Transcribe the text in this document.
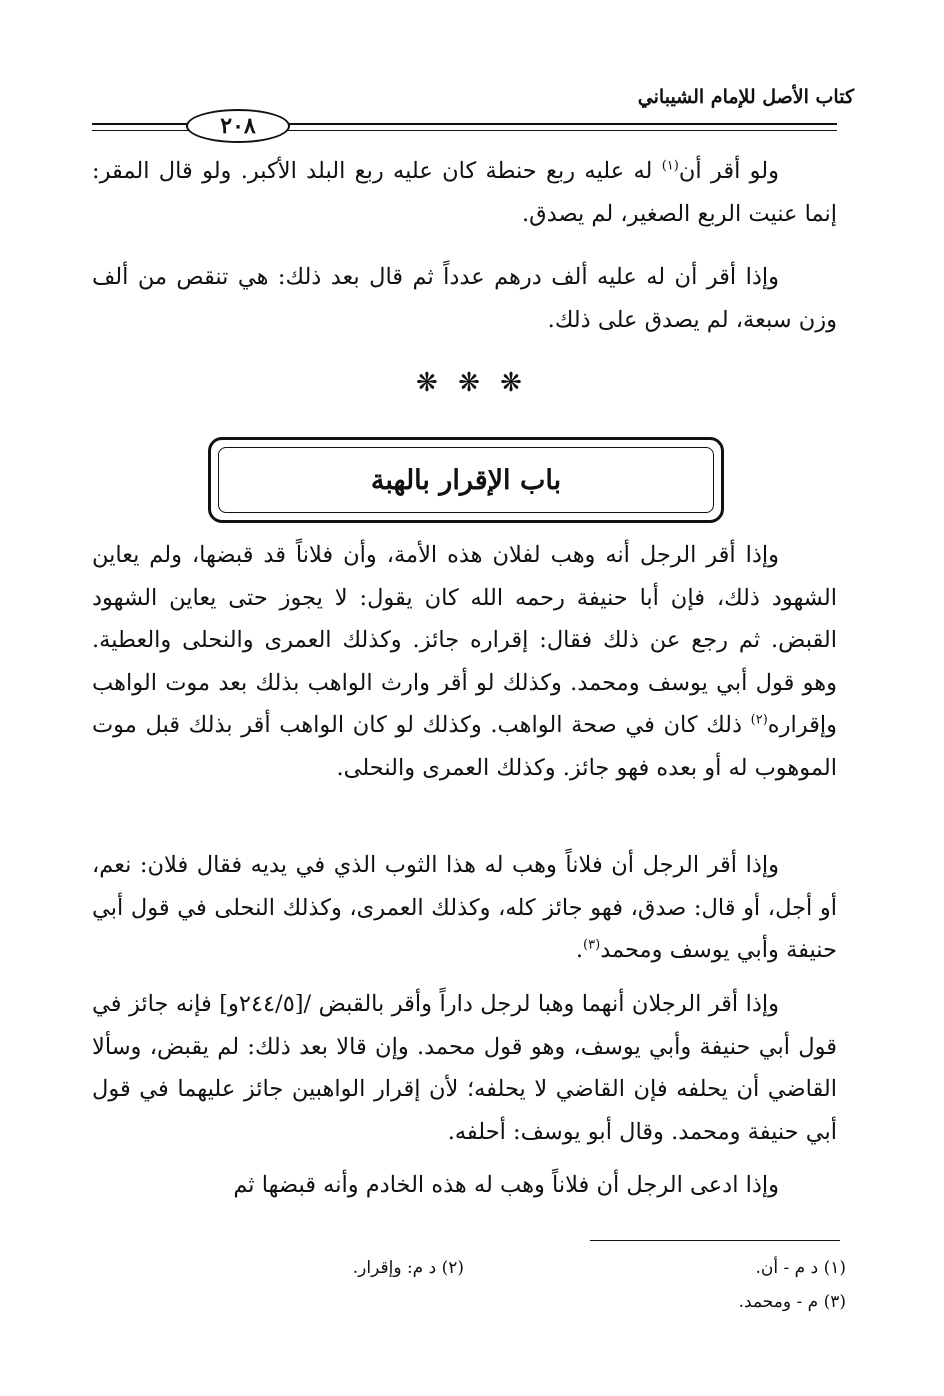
كتاب الأصل للإمام الشيباني
٢٠٨

ولو أقر أن$^{(١)}$ له عليه ربع حنطة كان عليه ربع البلد الأكبر. ولو قال المقر: إنما عنيت الربع الصغير، لم يصدق.

وإذا أقر أن له عليه ألف درهم عدداً ثم قال بعد ذلك: هي تنقص من ألف وزن سبعة، لم يصدق على ذلك.

❋ ❋ ❋
باب الإقرار بالهبة

وإذا أقر الرجل أنه وهب لفلان هذه الأمة، وأن فلاناً قد قبضها، ولم يعاين الشهود ذلك، فإن أبا حنيفة رحمه الله كان يقول: لا يجوز حتى يعاين الشهود القبض. ثم رجع عن ذلك فقال: إقراره جائز. وكذلك العمرى والنحلى والعطية. وهو قول أبي يوسف ومحمد. وكذلك لو أقر وارث الواهب بذلك بعد موت الواهب وإقراره$^{(٢)}$ ذلك كان في صحة الواهب. وكذلك لو كان الواهب أقر بذلك قبل موت الموهوب له أو بعده فهو جائز. وكذلك العمرى والنحلى.

وإذا أقر الرجل أن فلاناً وهب له هذا الثوب الذي في يديه فقال فلان: نعم، أو أجل، أو قال: صدق، فهو جائز كله، وكذلك العمرى، وكذلك النحلى في قول أبي حنيفة وأبي يوسف ومحمد$^{(٣)}$.

وإذا أقر الرجلان أنهما وهبا لرجل داراً وأقر بالقبض /[٢٤٤/٥و] فإنه جائز في قول أبي حنيفة وأبي يوسف، وهو قول محمد. وإن قالا بعد ذلك: لم يقبض، وسألا القاضي أن يحلفه فإن القاضي لا يحلفه؛ لأن إقرار الواهبين جائز عليهما في قول أبي حنيفة ومحمد. وقال أبو يوسف: أحلفه.

وإذا ادعى الرجل أن فلاناً وهب له هذه الخادم وأنه قبضها ثم

(١) د م - أن.
(٢) د م: وإقرار.
(٣) م - ومحمد.
